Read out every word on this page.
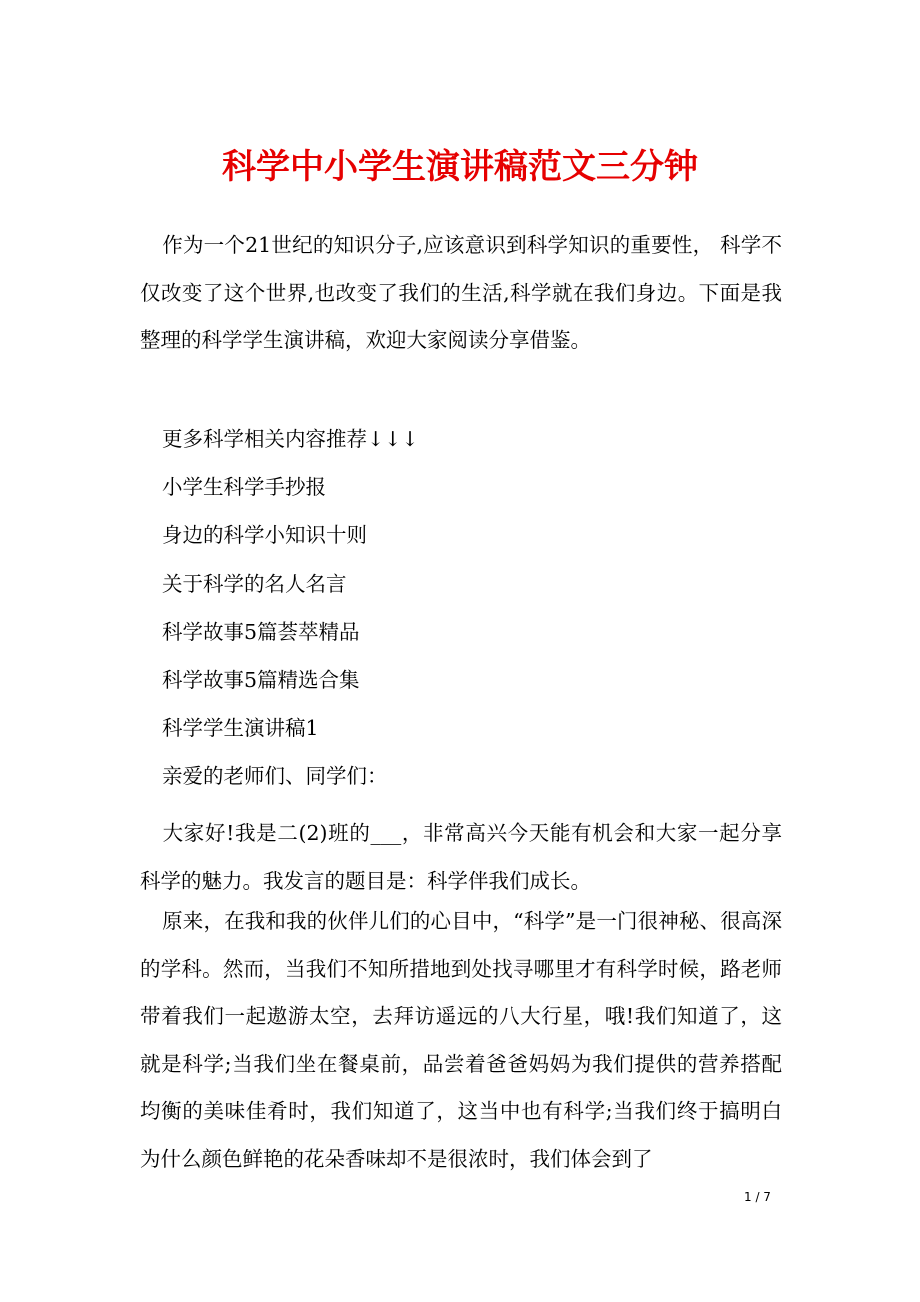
科学中小学生演讲稿范文三分钟

作为一个21世纪的知识分子,应该意识到科学知识的重要性， 科学不仅改变了这个世界,也改变了我们的生活,科学就在我们身边。下面是我整理的科学学生演讲稿，欢迎大家阅读分享借鉴。

更多科学相关内容推荐↓↓↓
小学生科学手抄报
身边的科学小知识十则
关于科学的名人名言
科学故事5篇荟萃精品
科学故事5篇精选合集
科学学生演讲稿1
亲爱的老师们、同学们：

大家好!我是二(2)班的___，非常高兴今天能有机会和大家一起分享科学的魅力。我发言的题目是：科学伴我们成长。

原来，在我和我的伙伴儿们的心目中，“科学”是一门很神秘、很高深的学科。然而，当我们不知所措地到处找寻哪里才有科学时候，路老师带着我们一起遨游太空，去拜访遥远的八大行星，哦!我们知道了，这就是科学;当我们坐在餐桌前，品尝着爸爸妈妈为我们提供的营养搭配均衡的美味佳肴时，我们知道了，这当中也有科学;当我们终于搞明白为什么颜色鲜艳的花朵香味却不是很浓时，我们体会到了

1 / 7
